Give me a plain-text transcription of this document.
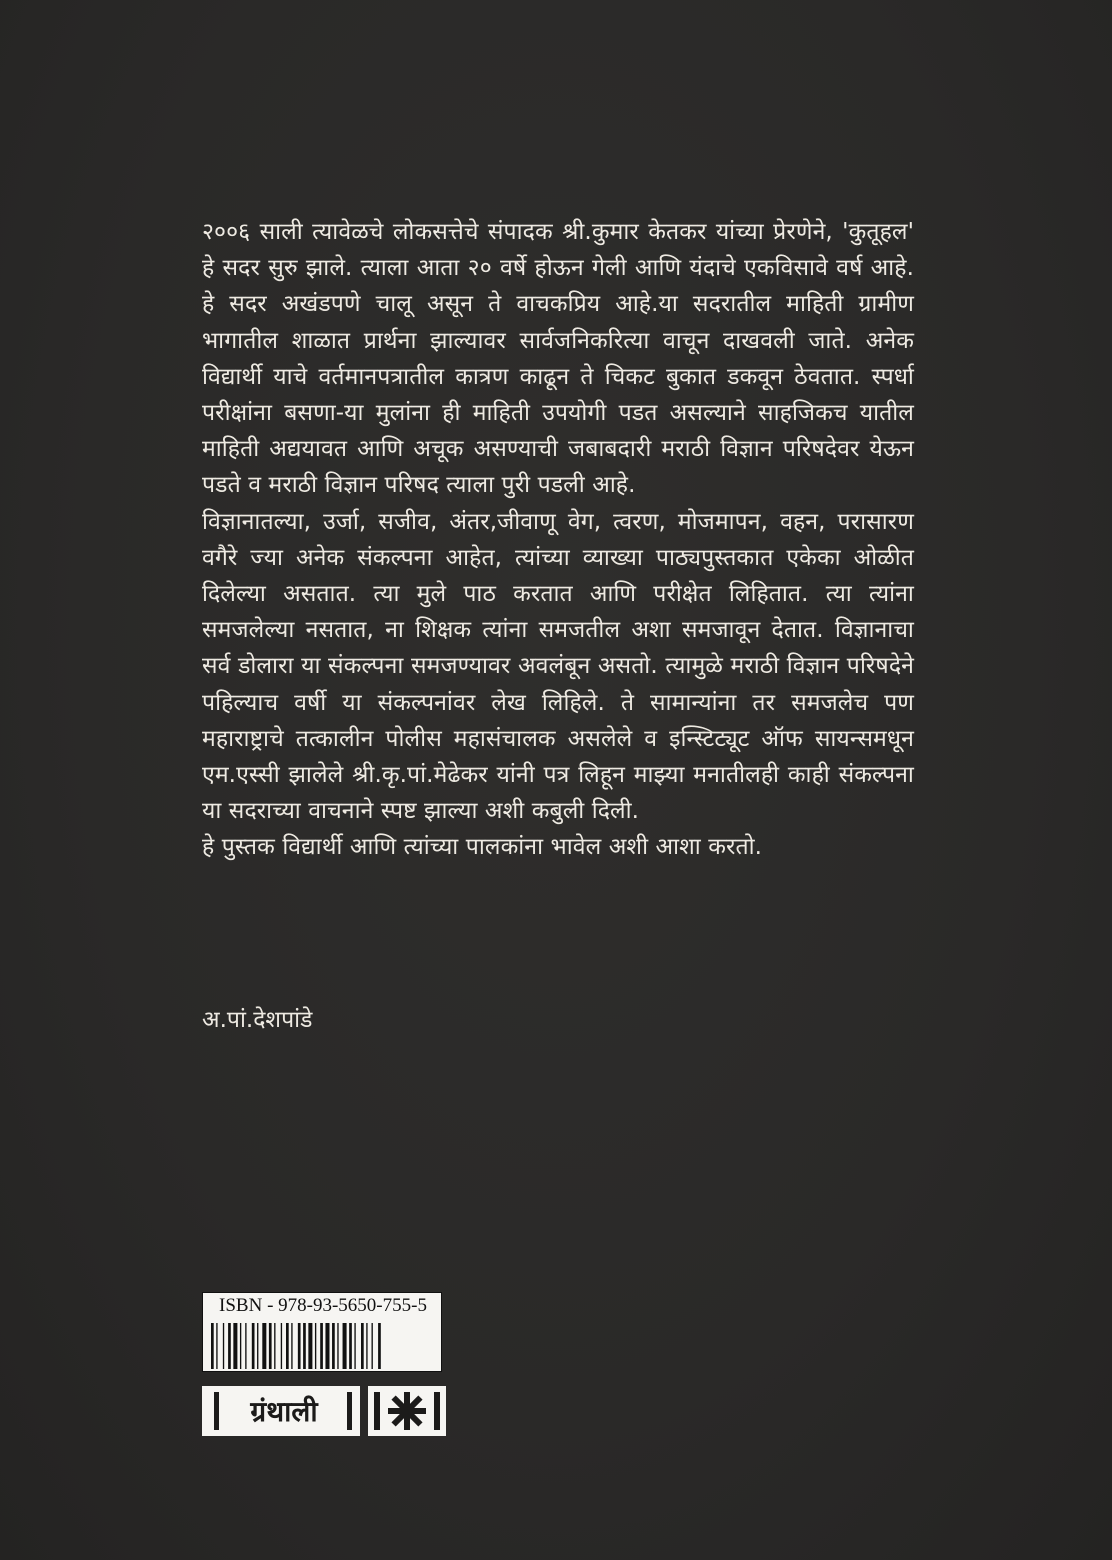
२००६ साली त्यावेळचे लोकसत्तेचे संपादक श्री.कुमार केतकर यांच्या प्रेरणेने, 'कुतूहल' हे सदर सुरु झाले. त्याला आता २० वर्षे होऊन गेली आणि यंदाचे एकविसावे वर्ष आहे. हे सदर अखंडपणे चालू असून ते वाचकप्रिय आहे.या सदरातील माहिती ग्रामीण भागातील शाळात प्रार्थना झाल्यावर सार्वजनिकरित्या वाचून दाखवली जाते. अनेक विद्यार्थी याचे वर्तमानपत्रातील कात्रण काढून ते चिकट बुकात डकवून ठेवतात. स्पर्धा परीक्षांना बसणा-या मुलांना ही माहिती उपयोगी पडत असल्याने साहजिकच यातील माहिती अद्ययावत आणि अचूक असण्याची जबाबदारी मराठी विज्ञान परिषदेवर येऊन पडते व मराठी विज्ञान परिषद त्याला पुरी पडली आहे.

विज्ञानातल्या, उर्जा, सजीव, अंतर,जीवाणू वेग, त्वरण, मोजमापन, वहन, परासारण वगैरे ज्या अनेक संकल्पना आहेत, त्यांच्या व्याख्या पाठ्यपुस्तकात एकेका ओळीत दिलेल्या असतात. त्या मुले पाठ करतात आणि परीक्षेत लिहितात. त्या त्यांना समजलेल्या नसतात, ना शिक्षक त्यांना समजतील अशा समजावून देतात. विज्ञानाचा सर्व डोलारा या संकल्पना समजण्यावर अवलंबून असतो. त्यामुळे मराठी विज्ञान परिषदेने पहिल्याच वर्षी या संकल्पनांवर लेख लिहिले. ते सामान्यांना तर समजलेच पण महाराष्ट्राचे तत्कालीन पोलीस महासंचालक असलेले व इन्स्टिट्यूट ऑफ सायन्समधून एम.एस्सी झालेले श्री.कृ.पां.मेढेकर यांनी पत्र लिहून माझ्या मनातीलही काही संकल्पना या सदराच्या वाचनाने स्पष्ट झाल्या अशी कबुली दिली.

हे पुस्तक विद्यार्थी आणि त्यांच्या पालकांना भावेल अशी आशा करतो.

अ.पां.देशपांडे
ISBN - 978-93-5650-755-5
ग्रंथाली
